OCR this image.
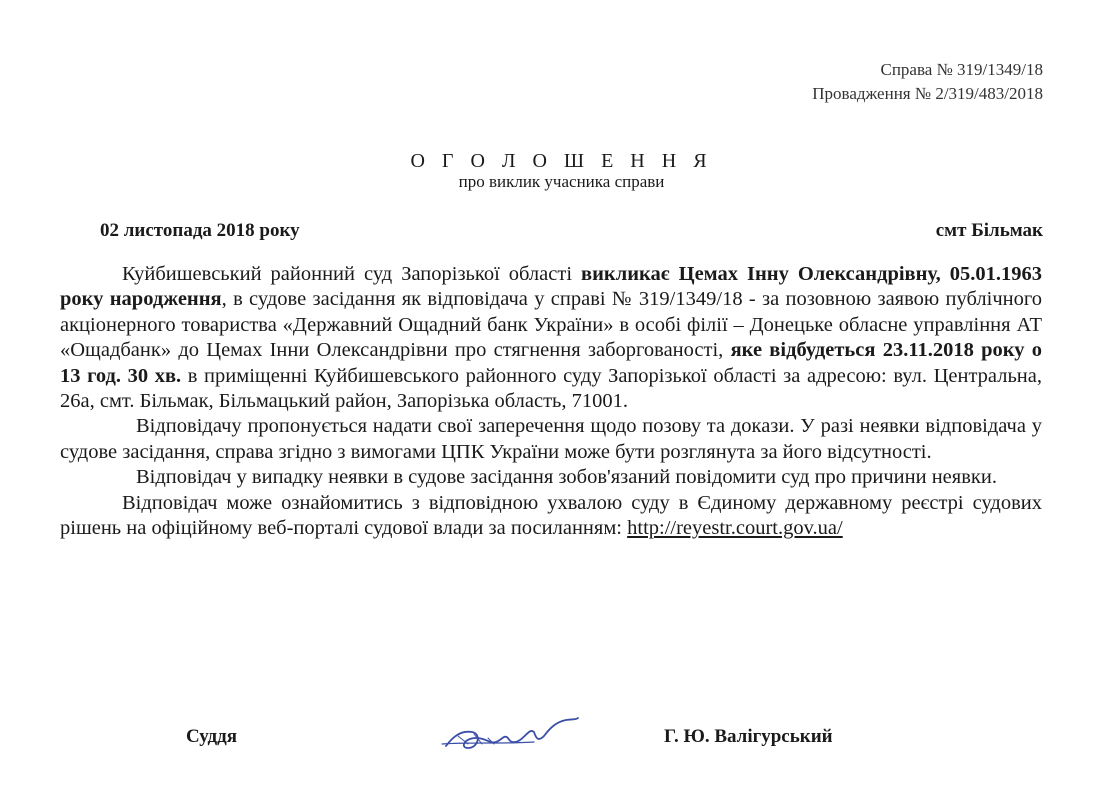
Справа № 319/1349/18
Провадження № 2/319/483/2018
О Г О Л О Ш Е Н Н Я
про виклик учасника справи
02 листопада 2018 року	смт Більмак

Куйбишевський районний суд Запорізької області викликає Цемах Інну Олександрівну, 05.01.1963 року народження, в судове засідання як відповідача у справі № 319/1349/18 - за позовною заявою публічного акціонерного товариства «Державний Ощадний банк України» в особі філії – Донецьке обласне управління АТ «Ощадбанк» до Цемах Інни Олександрівни про стягнення заборгованості, яке відбудеться 23.11.2018 року о 13 год. 30 хв. в приміщенні Куйбишевського районного суду Запорізької області за адресою: вул. Центральна, 26а, смт. Більмак, Більмацький район, Запорізька область, 71001.

Відповідачу пропонується надати свої заперечення щодо позову та докази. У разі неявки відповідача у судове засідання, справа згідно з вимогами ЦПК України може бути розглянута за його відсутності.

Відповідач у випадку неявки в судове засідання зобов'язаний повідомити суд про причини неявки.

Відповідач може ознайомитись з відповідною ухвалою суду в Єдиному державному реєстрі судових рішень на офіційному веб-порталі судової влади за посиланням: http://reyestr.court.gov.ua/

Суддя	Г. Ю. Валігурський
